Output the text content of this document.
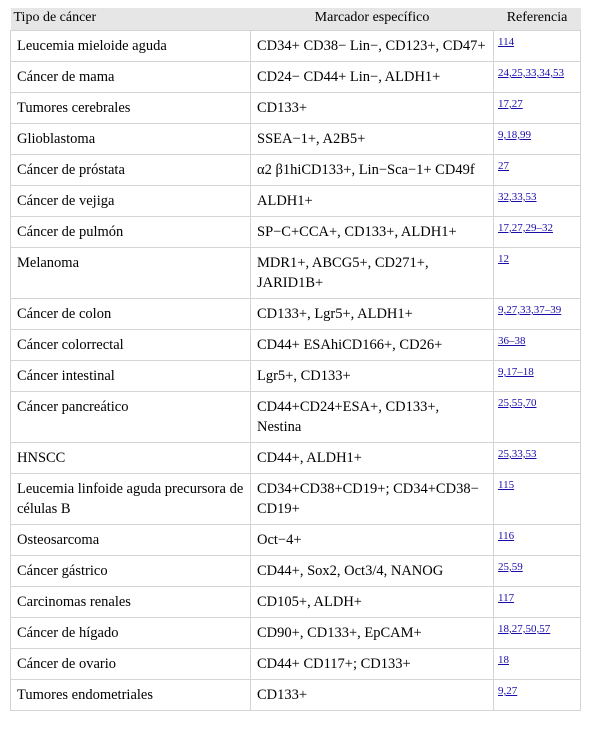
Tipo de cáncer	Marcador específico	Referencia
Leucemia mieloide aguda	CD34+ CD38− Lin−, CD123+, CD47+	114
Cáncer de mama	CD24− CD44+ Lin−, ALDH1+	24,25,33,34,53
Tumores cerebrales	CD133+	17,27
Glioblastoma	SSEA−1+, A2B5+	9,18,99
Cáncer de próstata	α2 β1hiCD133+, Lin−Sca−1+ CD49f	27
Cáncer de vejiga	ALDH1+	32,33,53
Cáncer de pulmón	SP−C+CCA+, CD133+, ALDH1+	17,27,29–32
Melanoma	MDR1+, ABCG5+, CD271+, JARID1B+	12
Cáncer de colon	CD133+, Lgr5+, ALDH1+	9,27,33,37–39
Cáncer colorrectal	CD44+ ESAhiCD166+, CD26+	36–38
Cáncer intestinal	Lgr5+, CD133+	9,17–18
Cáncer pancreático	CD44+CD24+ESA+, CD133+, Nestina	25,55,70
HNSCC	CD44+, ALDH1+	25,33,53
Leucemia linfoide aguda precursora de células B	CD34+CD38+CD19+; CD34+CD38− CD19+	115
Osteosarcoma	Oct−4+	116
Cáncer gástrico	CD44+, Sox2, Oct3/4, NANOG	25,59
Carcinomas renales	CD105+, ALDH+	117
Cáncer de hígado	CD90+, CD133+, EpCAM+	18,27,50,57
Cáncer de ovario	CD44+ CD117+; CD133+	18
Tumores endometriales	CD133+	9,27
